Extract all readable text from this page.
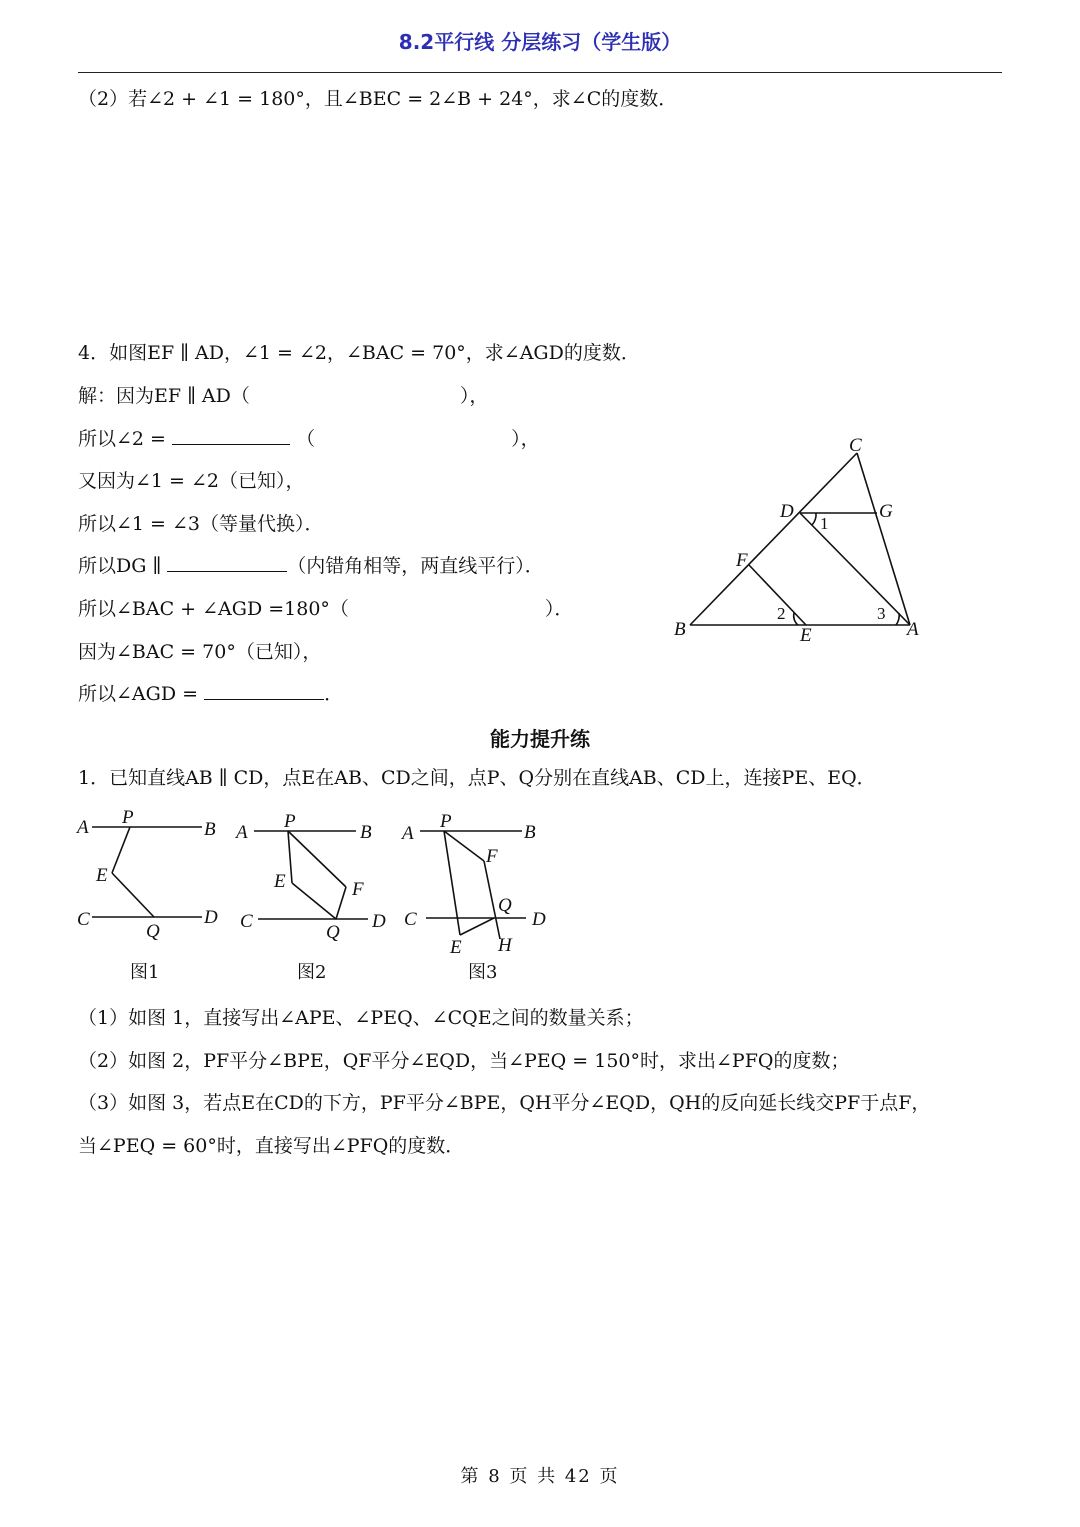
8.2平行线 分层练习（学生版）
（2）若∠2 + ∠1 = 180°，且∠BEC = 2∠B + 24°，求∠C的度数．
4．如图EF ∥ AD，∠1 = ∠2，∠BAC = 70°，求∠AGD的度数．
解：因为EF ∥ AD（	），
所以∠2 =	（	），
又因为∠1 = ∠2（已知），
所以∠1 = ∠3（等量代换）．
所以DG ∥	（内错角相等，两直线平行）．
所以∠BAC + ∠AGD =180°（	）．
因为∠BAC = 70°（已知），
所以∠AGD =	．
C
D	G
1
F
2	3
B	E	A
能力提升练
1．已知直线AB ∥ CD，点E在AB、CD之间，点P、Q分别在直线AB、CD上，连接PE、EQ．
A P
B
E
C
Q
D
图1
A
P
B
E	F
C
Q
D
图2
A
P
B
F
Q
C	D
E H
图3
（1）如图 1，直接写出∠APE、∠PEQ、∠CQE之间的数量关系；
（2）如图 2，PF平分∠BPE，QF平分∠EQD，当∠PEQ = 150°时，求出∠PFQ的度数；
（3）如图 3，若点E在CD的下方，PF平分∠BPE，QH平分∠EQD，QH的反向延长线交PF于点F，
当∠PEQ = 60°时，直接写出∠PFQ的度数．
第 8 页 共 42 页
